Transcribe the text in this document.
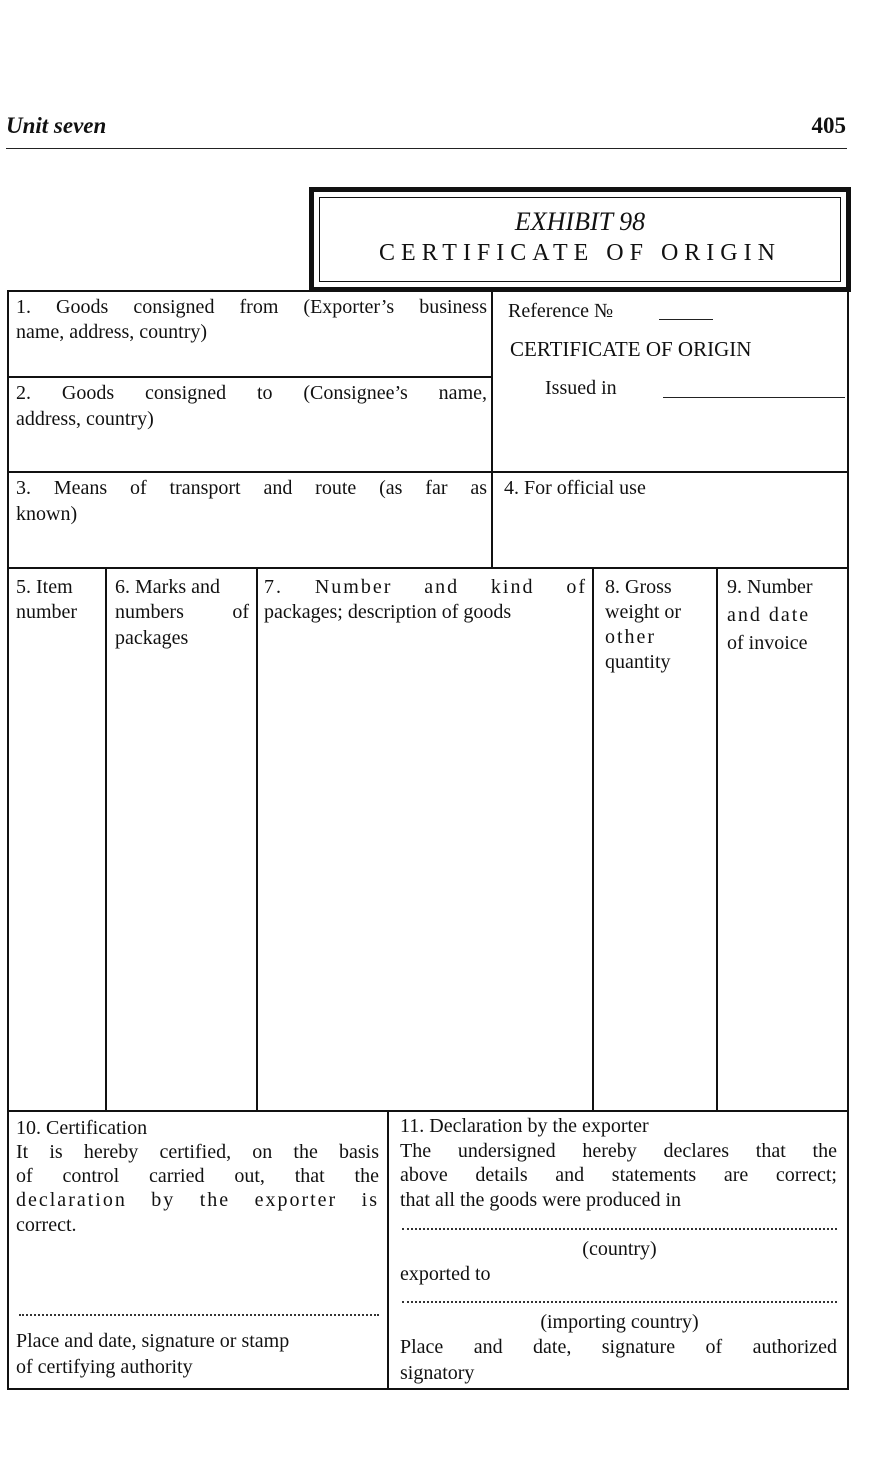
Unit seven	405
EXHIBIT 98
CERTIFICATE OF ORIGIN
1. Goods consigned from (Exporter’s business
name, address, country)
2. Goods consigned to (Consignee’s name,
address, country)
Reference №
CERTIFICATE OF ORIGIN
Issued in
3. Means of transport and route (as far as
known)
4. For official use
5. Item
number
6. Marks and
numbers of
packages
7. Number and kind of
packages; description of goods
8. Gross
weight or
other
quantity
9. Number
and date
of invoice
10. Certification
It is hereby certified, on the basis
of control carried out, that the
declaration by the exporter is
correct.
Place and date, signature or stamp
of certifying authority
11. Declaration by the exporter
The undersigned hereby declares that the
above details and statements are correct;
that all the goods were produced in
(country)
exported to
(importing country)
Place and date, signature of authorized
signatory
